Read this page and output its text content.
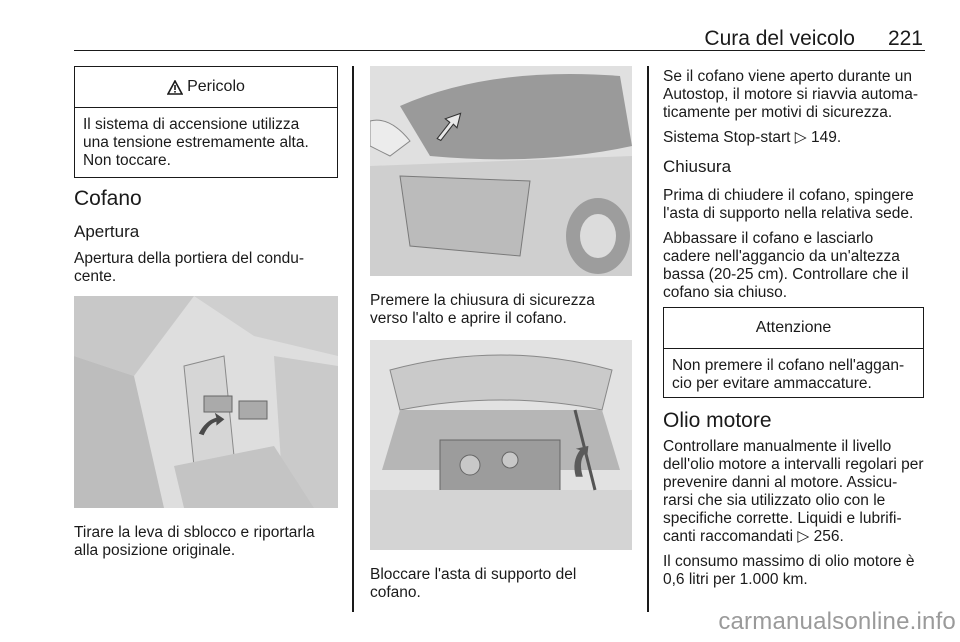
Cura del veicolo 221
Pericolo
Il sistema di accensione utilizza
una tensione estremamente alta.
Non toccare.
Cofano
Apertura
Apertura della portiera del condu-
cente.
Tirare la leva di sblocco e riportarla
alla posizione originale.
Premere la chiusura di sicurezza
verso l'alto e aprire il cofano.
Bloccare l'asta di supporto del
cofano.
Se il cofano viene aperto durante un
Autostop, il motore si riavvia automa-
ticamente per motivi di sicurezza.
Sistema Stop-start ▷ 149.
Chiusura
Prima di chiudere il cofano, spingere
l'asta di supporto nella relativa sede.
Abbassare il cofano e lasciarlo
cadere nell'aggancio da un'altezza
bassa (20-25 cm). Controllare che il
cofano sia chiuso.
Attenzione
Non premere il cofano nell'aggan-
cio per evitare ammaccature.
Olio motore
Controllare manualmente il livello
dell'olio motore a intervalli regolari per
prevenire danni al motore. Assicu-
rarsi che sia utilizzato olio con le
specifiche corrette. Liquidi e lubrifi-
canti raccomandati ▷ 256.
Il consumo massimo di olio motore è
0,6 litri per 1.000 km.
carmanualsonline.info
